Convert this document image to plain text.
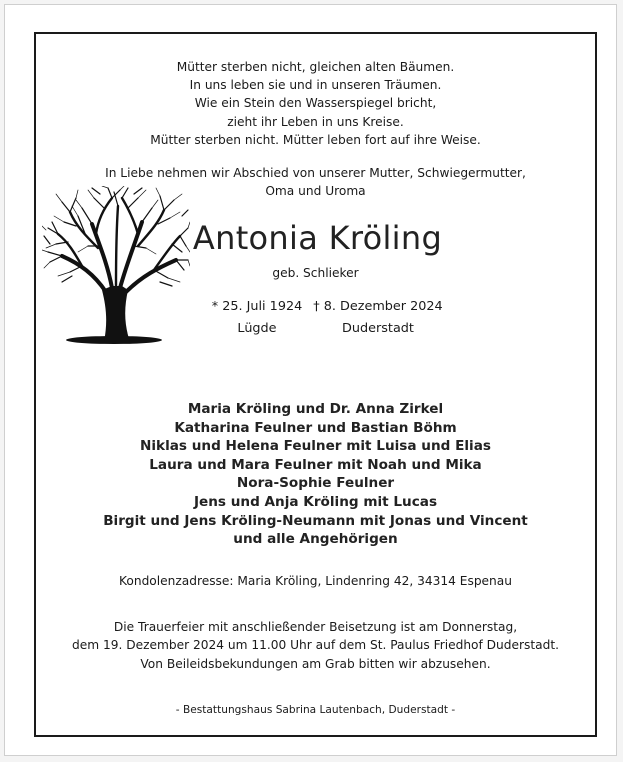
Mütter sterben nicht, gleichen alten Bäumen.
In uns leben sie und in unseren Träumen.
Wie ein Stein den Wasserspiegel bricht,
zieht ihr Leben in uns Kreise.
Mütter sterben nicht. Mütter leben fort auf ihre Weise.
In Liebe nehmen wir Abschied von unserer Mutter, Schwiegermutter,
Oma und Uroma
Antonia Kröling
geb. Schlieker
* 25. Juli 1924
Lügde
† 8. Dezember 2024
Duderstadt
Maria Kröling und Dr. Anna Zirkel
Katharina Feulner und Bastian Böhm
Niklas und Helena Feulner mit Luisa und Elias
Laura und Mara Feulner mit Noah und Mika
Nora-Sophie Feulner
Jens und Anja Kröling mit Lucas
Birgit und Jens Kröling-Neumann mit Jonas und Vincent
und alle Angehörigen
Kondolenzadresse: Maria Kröling, Lindenring 42, 34314 Espenau
Die Trauerfeier mit anschließender Beisetzung ist am Donnerstag,
dem 19. Dezember 2024 um 11.00 Uhr auf dem St. Paulus Friedhof Duderstadt.
Von Beileidsbekundungen am Grab bitten wir abzusehen.
- Bestattungshaus Sabrina Lautenbach, Duderstadt -
